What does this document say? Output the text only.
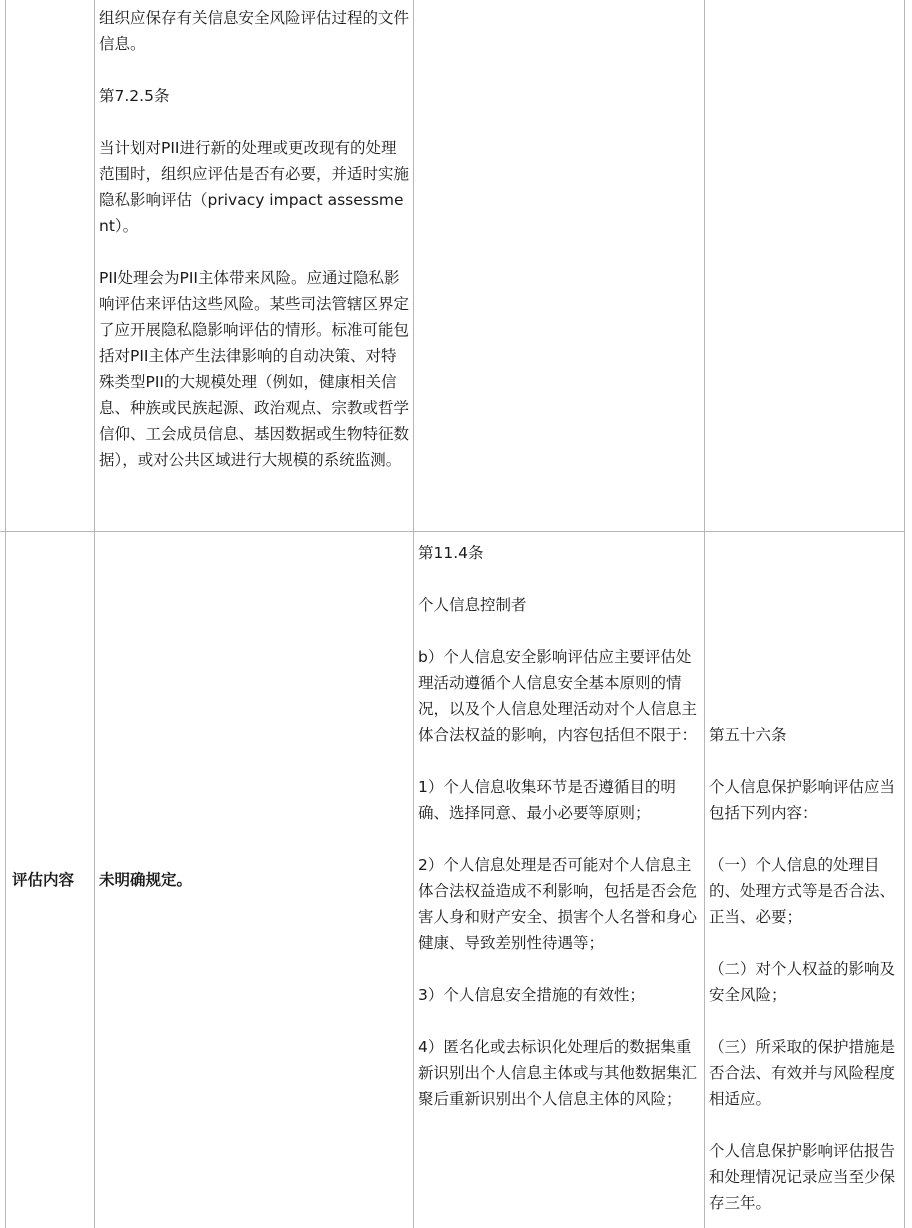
组织应保存有关信息安全风险评估过程的文件信息。

第7.2.5条

当计划对PII进行新的处理或更改现有的处理范围时，组织应评估是否有必要，并适时实施隐私影响评估（privacy impact assessment）。

PII处理会为PII主体带来风险。应通过隐私影响评估来评估这些风险。某些司法管辖区界定了应开展隐私隐影响评估的情形。标准可能包括对PII主体产生法律影响的自动决策、对特殊类型PII的大规模处理（例如，健康相关信息、种族或民族起源、政治观点、宗教或哲学信仰、工会成员信息、基因数据或生物特征数据），或对公共区域进行大规模的系统监测。

评估内容 未明确规定。

第11.4条

个人信息控制者

b）个人信息安全影响评估应主要评估处理活动遵循个人信息安全基本原则的情况，以及个人信息处理活动对个人信息主体合法权益的影响，内容包括但不限于：

1）个人信息收集环节是否遵循目的明确、选择同意、最小必要等原则；

2）个人信息处理是否可能对个人信息主体合法权益造成不利影响，包括是否会危害人身和财产安全、损害个人名誉和身心健康、导致差别性待遇等；

3）个人信息安全措施的有效性；

4）匿名化或去标识化处理后的数据集重新识别出个人信息主体或与其他数据集汇聚后重新识别出个人信息主体的风险；

第五十六条

个人信息保护影响评估应当包括下列内容：

（一）个人信息的处理目的、处理方式等是否合法、正当、必要；

（二）对个人权益的影响及安全风险；

（三）所采取的保护措施是否合法、有效并与风险程度相适应。

个人信息保护影响评估报告和处理情况记录应当至少保存三年。
